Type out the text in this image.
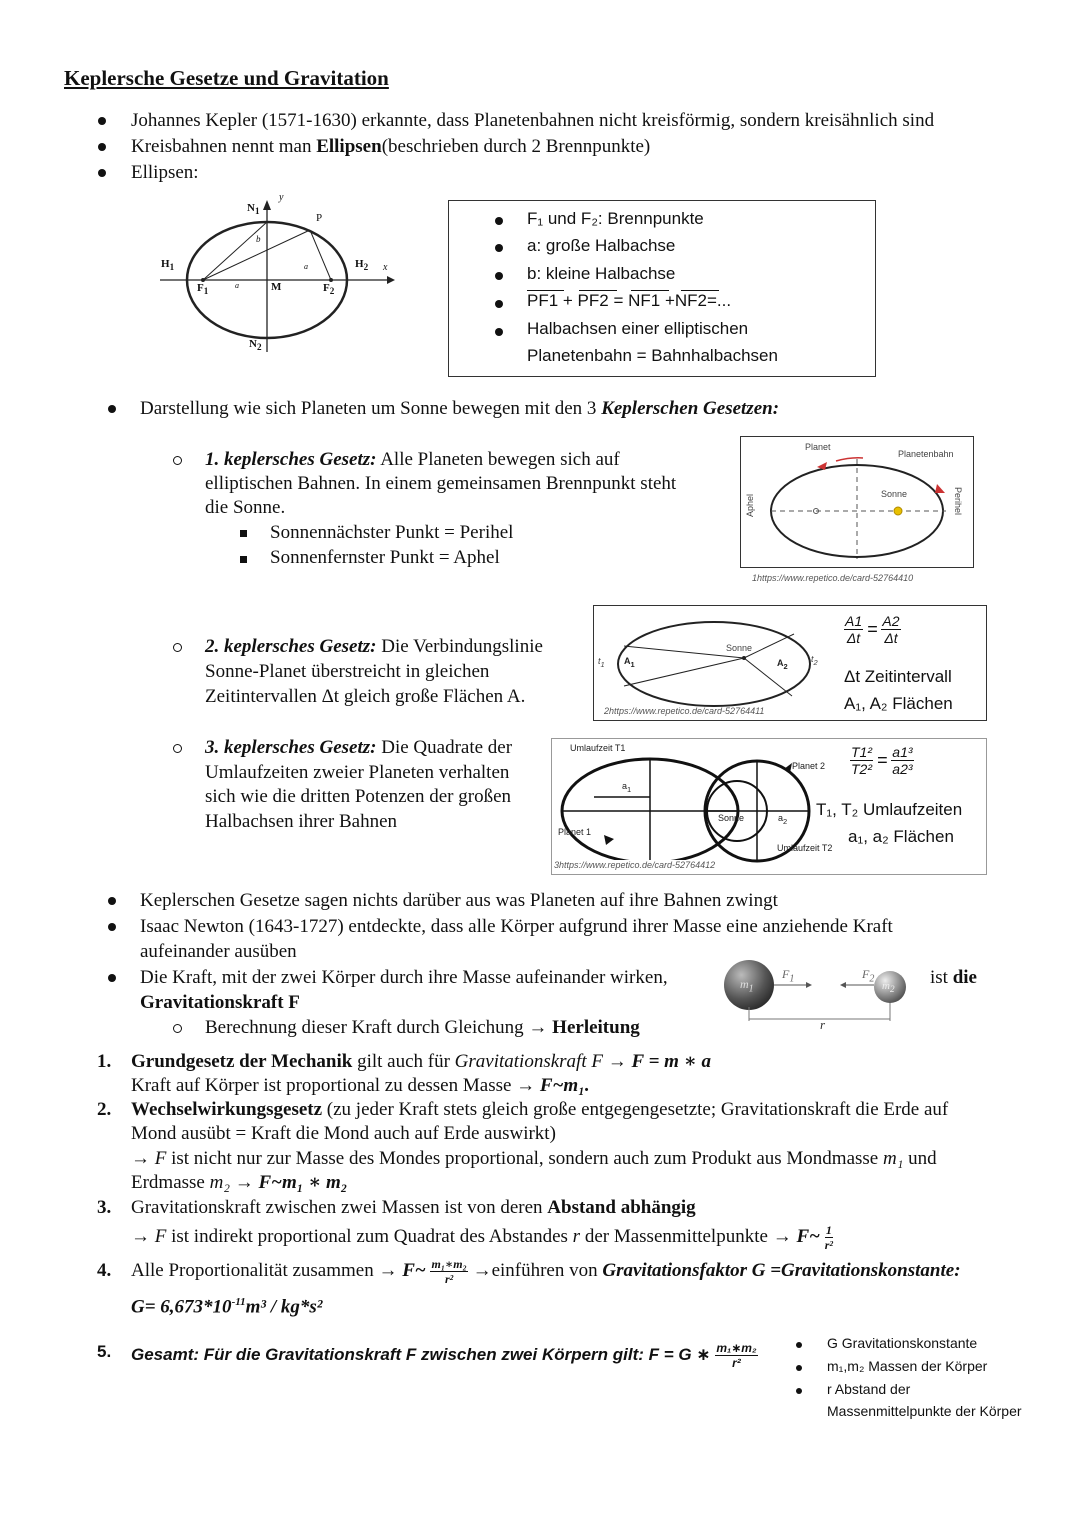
Keplersche Gesetze und Gravitation
Johannes Kepler (1571-1630) erkannte, dass Planetenbahnen nicht kreisförmig, sondern kreisähnlich sind
Kreisbahnen nennt man Ellipsen(beschrieben durch 2 Brennpunkte)
Ellipsen:
$N_1$
y
P
b
$H_1$	a	$H_2$ x
$F_1$
a	M	$F_2$
$N_2$
F₁ und F₂: Brennpunkte
a: große Halbachse
b: kleine Halbachse
PF1 + PF2 = NF1 +NF2=...
Halbachsen einer elliptischen
Planetenbahn = Bahnhalbachsen
Darstellung wie sich Planeten um Sonne bewegen mit den 3 Keplerschen Gesetzen:
1. keplersches Gesetz: Alle Planeten bewegen sich auf
elliptischen Bahnen. In einem gemeinsamen Brennpunkt steht
die Sonne.
Sonnennächster Punkt = Perihel
Sonnenfernster Punkt = Aphel
Planet
Planetenbahn
Sonne
Aphel	Perihel
1https://www.repetico.de/card-52764410
2. keplersches Gesetz: Die Verbindungslinie
Sonne-Planet überstreicht in gleichen
Zeitintervallen Δt gleich große Flächen A.
Sonne
$t_1$
$t_2$
$A_1$	$A_2$
$\frac{A1}{\Delta t} = \frac{A2}{\Delta t}$
Δt Zeitintervall
A₁, A₂ Flächen
2https://www.repetico.de/card-52764411
3. keplersches Gesetz: Die Quadrate der
Umlaufzeiten zweier Planeten verhalten
sich wie die dritten Potenzen der großen
Halbachsen ihrer Bahnen
Umlaufzeit T1
Planet 2
$a_1$
Sonne	$a_2$
Planet 1
Umlaufzeit T2
$\frac{\text{T1²}}{\text{T2²}} = \frac{\text{a1³}}{\text{a2³}}$
T₁, T₂ Umlaufzeiten
a₁, a₂ Flächen
3https://www.repetico.de/card-52764412
Keplerschen Gesetze sagen nichts darüber aus was Planeten auf ihre Bahnen zwingt
Isaac Newton (1643-1727) entdeckte, dass alle Körper aufgrund ihrer Masse eine anziehende Kraft
aufeinander ausüben
Die Kraft, mit der zwei Körper durch ihre Masse aufeinander wirken,	ist die
Gravitationskraft F
Berechnung dieser Kraft durch Gleichung → Herleitung
$m_1$	$m_2$
$F_1$	$F_2$
r
1. Grundgesetz der Mechanik gilt auch für Gravitationskraft F → F = m ∗ a
Kraft auf Körper ist proportional zu dessen Masse → F~m₁.
2. Wechselwirkungsgesetz (zu jeder Kraft stets gleich große entgegengesetzte; Gravitationskraft die Erde auf
Mond ausübt = Kraft die Mond auch auf Erde auswirkt)
→ F ist nicht nur zur Masse des Mondes proportional, sondern auch zum Produkt aus Mondmasse m₁ und
Erdmasse m₂ → F~m₁ ∗ m₂
3. Gravitationskraft zwischen zwei Massen ist von deren Abstand abhängig
→ F ist indirekt proportional zum Quadrat des Abstandes r der Massenmittelpunkte → F~ $\frac{1}{\text{r²}}$
4. Alle Proportionalität zusammen → F~ $\frac{\text{m₁∗m₂}}{\text{r²}}$ →einführen von Gravitationsfaktor G =Gravitationskonstante:
$G= 6,673*10^{-11}m^3 / kg*s^2$
5. Gesamt: Für die Gravitationskraft F zwischen zwei Körpern gilt: F = G ∗ $\frac{\text{m₁∗m₂}}{\text{r²}}$	G Gravitationskonstante
m₁,m₂ Massen der Körper
r Abstand der
Massenmittelpunkte der Körper
